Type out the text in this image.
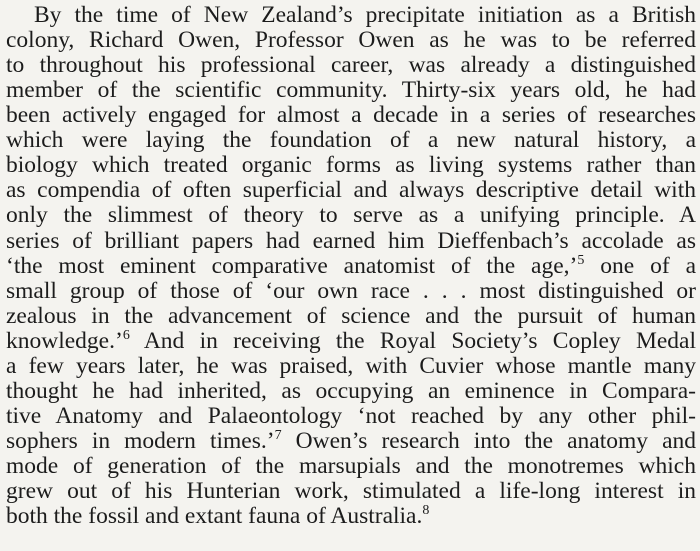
By the time of New Zealand’s precipitate initiation as a British
colony, Richard Owen, Professor Owen as he was to be referred
to throughout his professional career, was already a distinguished
member of the scientific community. Thirty-six years old, he had
been actively engaged for almost a decade in a series of researches
which were laying the foundation of a new natural history, a
biology which treated organic forms as living systems rather than
as compendia of often superficial and always descriptive detail with
only the slimmest of theory to serve as a unifying principle. A
series of brilliant papers had earned him Dieffenbach’s accolade as
‘the most eminent comparative anatomist of the age,’$^5$ one of a
small group of those of ‘our own race . . . most distinguished or
zealous in the advancement of science and the pursuit of human
knowledge.’$^6$ And in receiving the Royal Society’s Copley Medal
a few years later, he was praised, with Cuvier whose mantle many
thought he had inherited, as occupying an eminence in Compara-
tive Anatomy and Palaeontology ‘not reached by any other phil-
sophers in modern times.’$^7$ Owen’s research into the anatomy and
mode of generation of the marsupials and the monotremes which
grew out of his Hunterian work, stimulated a life-long interest in
both the fossil and extant fauna of Australia.$^8$
